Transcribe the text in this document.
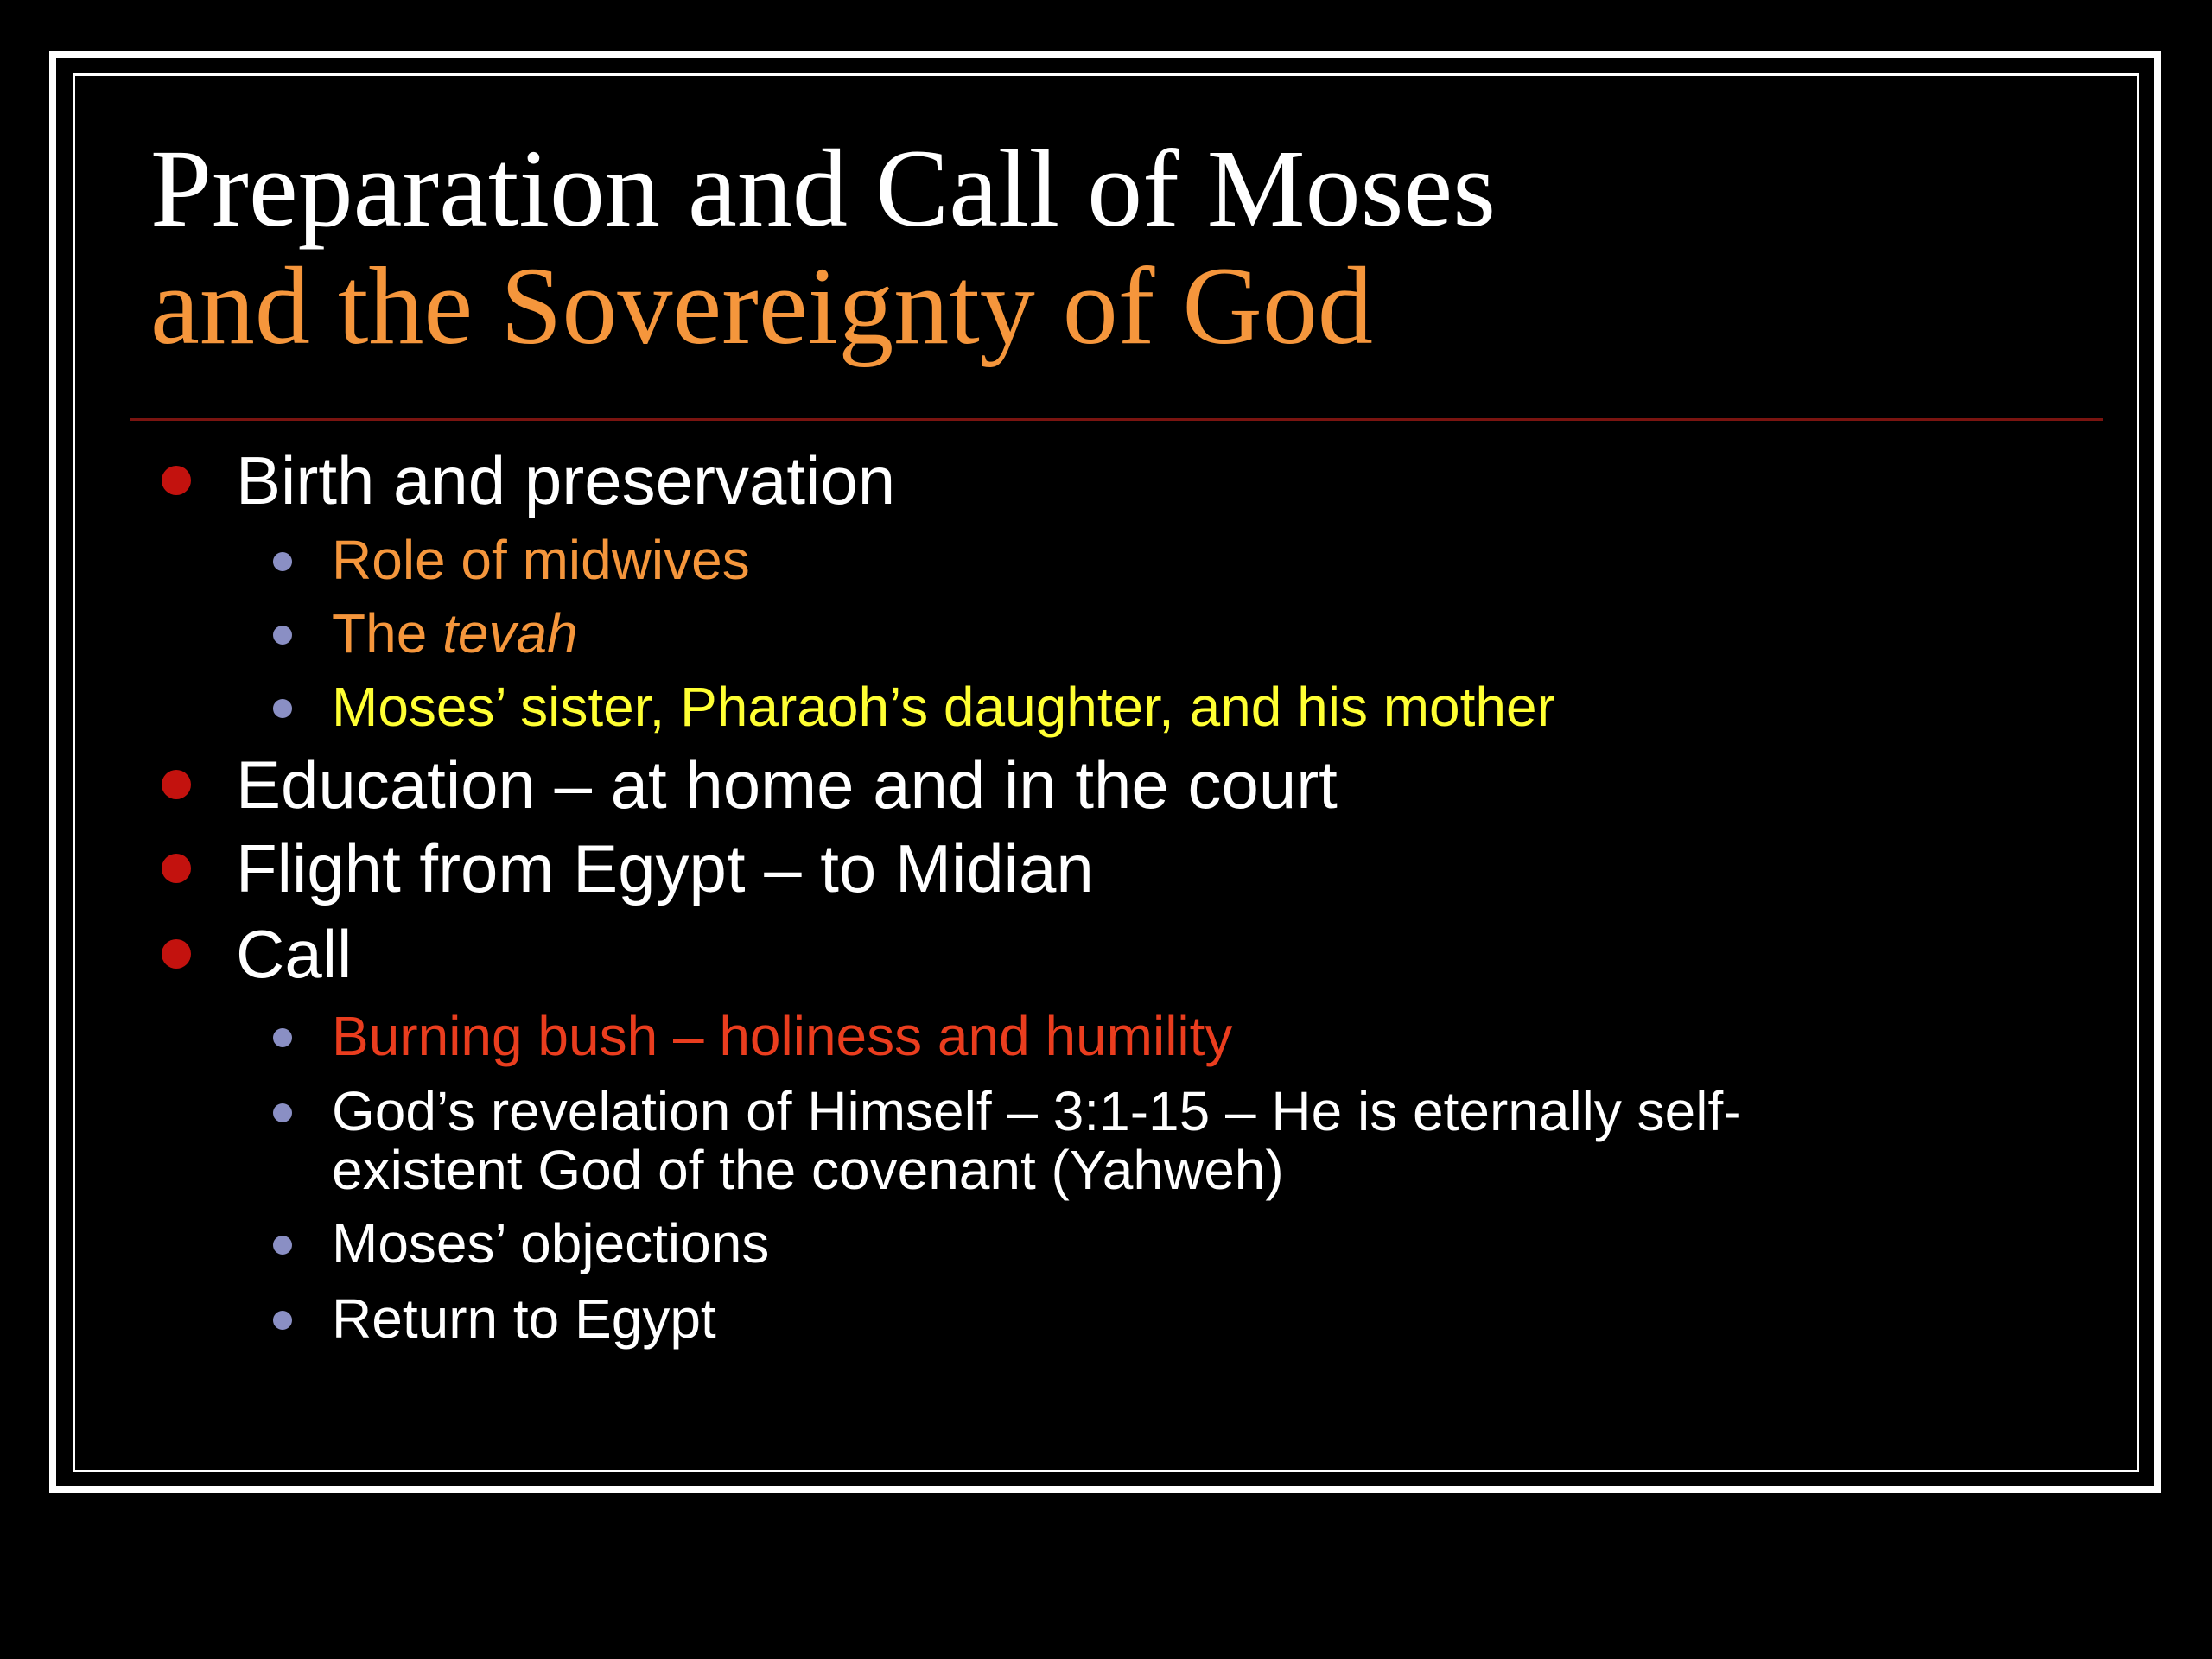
Preparation and Call of Moses
and the Sovereignty of God
Birth and preservation
Role of midwives
The tevah
Moses’ sister, Pharaoh’s daughter, and his mother
Education – at home and in the court
Flight from Egypt – to Midian
Call
Burning bush – holiness and humility
God’s revelation of Himself – 3:1-15 – He is eternally self-
existent God of the covenant (Yahweh)
Moses’ objections
Return to Egypt
